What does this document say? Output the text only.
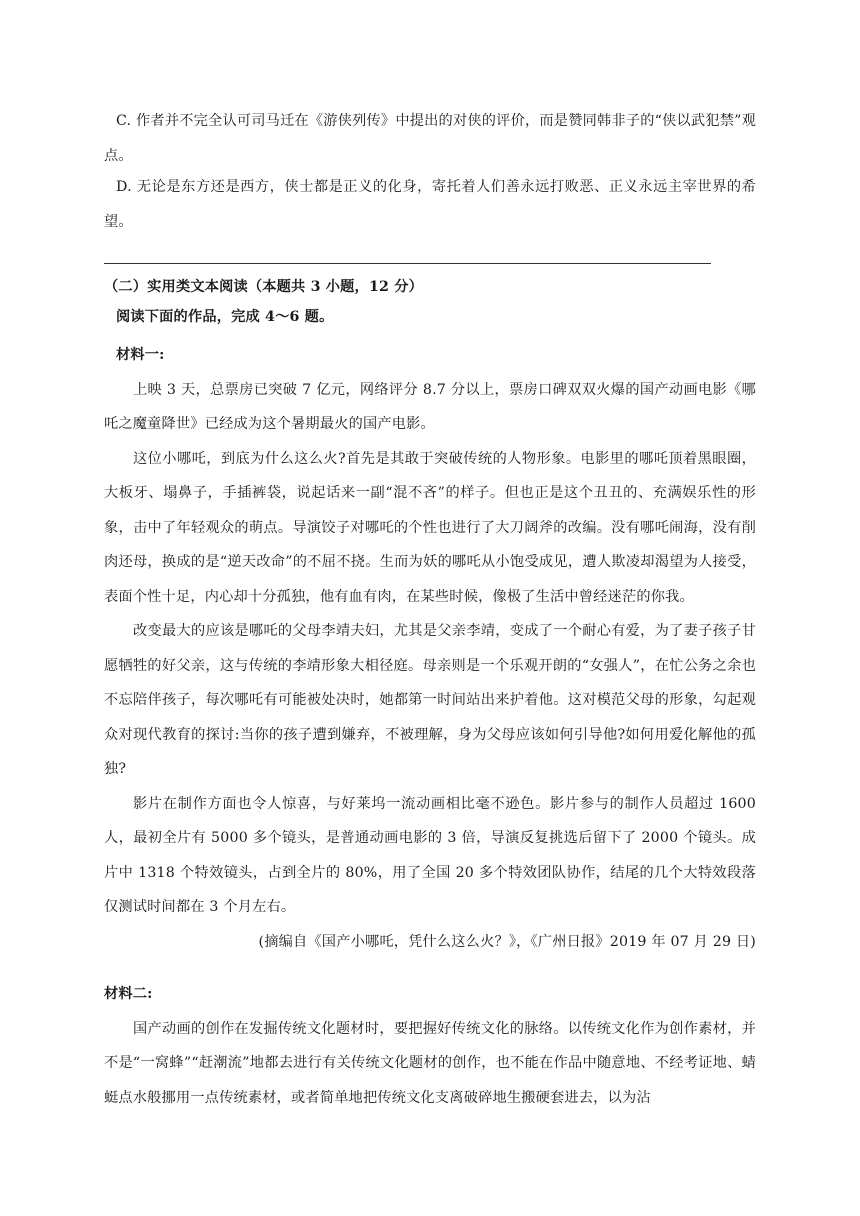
C. 作者并不完全认可司马迁在《游侠列传》中提出的对侠的评价，而是赞同韩非子的“侠以武犯禁”观点。

D. 无论是东方还是西方，侠士都是正义的化身，寄托着人们善永远打败恶、正义永远主宰世界的希望。

（二）实用类文本阅读（本题共 3 小题，12 分）

阅读下面的作品，完成 4～6 题。

材料一:

上映 3 天，总票房已突破 7 亿元，网络评分 8.7 分以上，票房口碑双双火爆的国产动画电影《哪吒之魔童降世》已经成为这个暑期最火的国产电影。

这位小哪吒，到底为什么这么火?首先是其敢于突破传统的人物形象。电影里的哪吒顶着黑眼圈，大板牙、塌鼻子，手插裤袋，说起话来一副“混不吝”的样子。但也正是这个丑丑的、充满娱乐性的形象，击中了年轻观众的萌点。导演饺子对哪吒的个性也进行了大刀阔斧的改编。没有哪吒闹海，没有削肉还母，换成的是“逆天改命”的不屈不挠。生而为妖的哪吒从小饱受成见，遭人欺凌却渴望为人接受，表面个性十足，内心却十分孤独，他有血有肉，在某些时候，像极了生活中曾经迷茫的你我。

改变最大的应该是哪吒的父母李靖夫妇，尤其是父亲李靖，变成了一个耐心有爱，为了妻子孩子甘愿牺牲的好父亲，这与传统的李靖形象大相径庭。母亲则是一个乐观开朗的“女强人”，在忙公务之余也不忘陪伴孩子，每次哪吒有可能被处决时，她都第一时间站出来护着他。这对模范父母的形象，勾起观众对现代教育的探讨:当你的孩子遭到嫌弃，不被理解，身为父母应该如何引导他?如何用爱化解他的孤独?

影片在制作方面也令人惊喜，与好莱坞一流动画相比毫不逊色。影片参与的制作人员超过 1600 人，最初全片有 5000 多个镜头，是普通动画电影的 3 倍，导演反复挑选后留下了 2000 个镜头。成片中 1318 个特效镜头，占到全片的 80%，用了全国 20 多个特效团队协作，结尾的几个大特效段落仅测试时间都在 3 个月左右。

(摘编自《国产小哪吒，凭什么这么火？》，《广州日报》2019 年 07 月 29 日)

材料二:

国产动画的创作在发掘传统文化题材时，要把握好传统文化的脉络。以传统文化作为创作素材，并不是“一窝蜂”“赶潮流”地都去进行有关传统文化题材的创作，也不能在作品中随意地、不经考证地、蜻蜓点水般挪用一点传统素材，或者简单地把传统文化支离破碎地生搬硬套进去，以为沾
